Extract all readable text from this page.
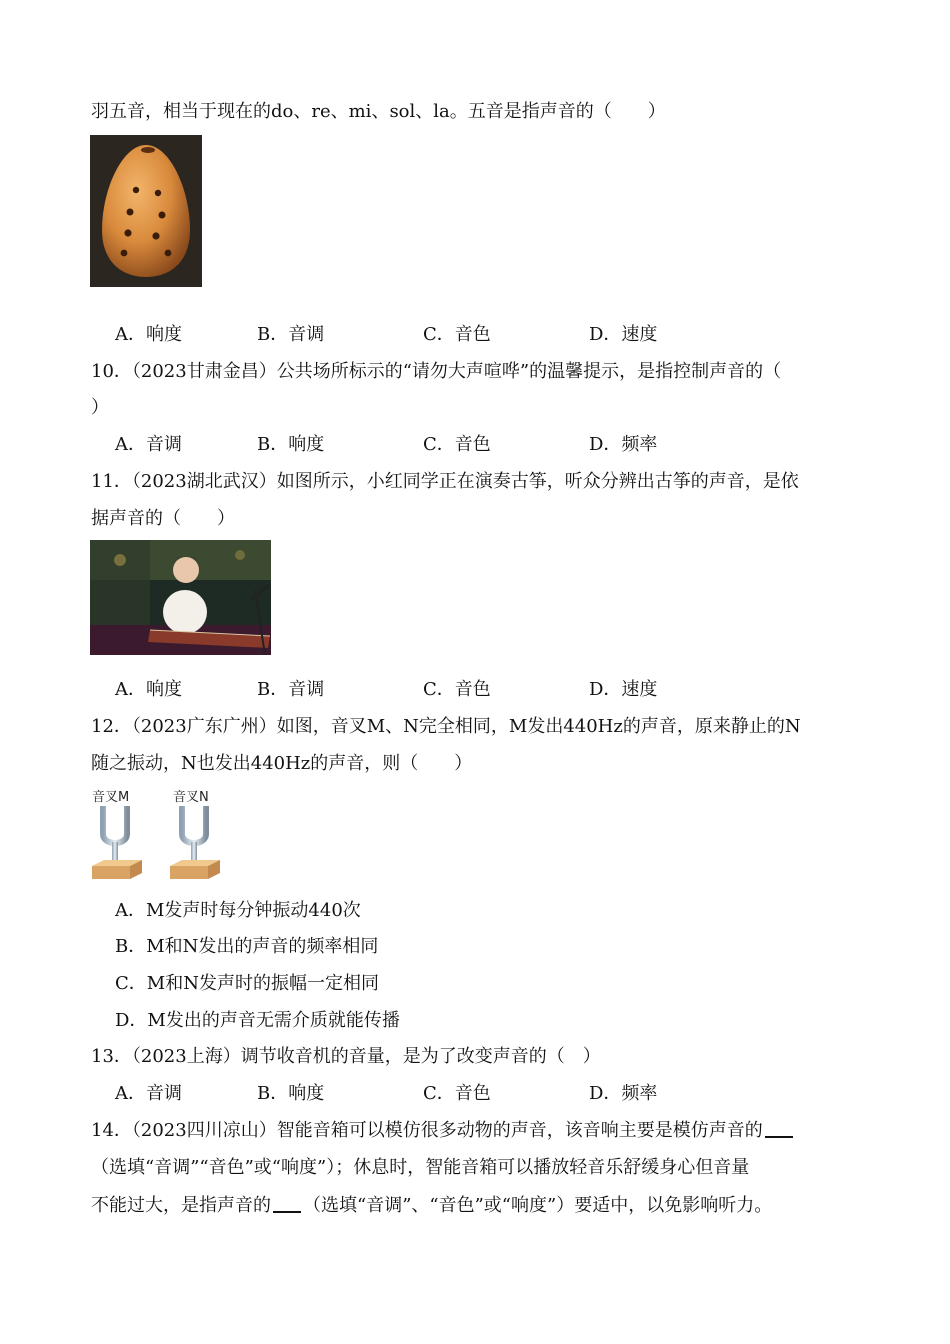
羽五音，相当于现在的do、re、mi、sol、la。五音是指声音的（　　）
A．响度	B．音调	C．音色	D．速度
10．（2023甘肃金昌）公共场所标示的“请勿大声喧哗”的温馨提示，是指控制声音的（
）
A．音调	B．响度	C．音色	D．频率
11．（2023湖北武汉）如图所示，小红同学正在演奏古筝，听众分辨出古筝的声音，是依
据声音的（　　）
A．响度	B．音调	C．音色	D．速度
12．（2023广东广州）如图，音叉M、N完全相同，M发出440Hz的声音，原来静止的N
随之振动，N也发出440Hz的声音，则（　　）
音叉M	音叉N
A．M发声时每分钟振动440次
B．M和N发出的声音的频率相同
C．M和N发声时的振幅一定相同
D．M发出的声音无需介质就能传播
13．（2023上海）调节收音机的音量，是为了改变声音的（　）
A．音调	B．响度	C．音色	D．频率
14．（2023四川凉山）智能音箱可以模仿很多动物的声音，该音响主要是模仿声音的
（选填“音调”“音色”或“响度”）；休息时，智能音箱可以播放轻音乐舒缓身心但音量
不能过大，是指声音的 （选填“音调”、“音色”或“响度”）要适中，以免影响听力。
